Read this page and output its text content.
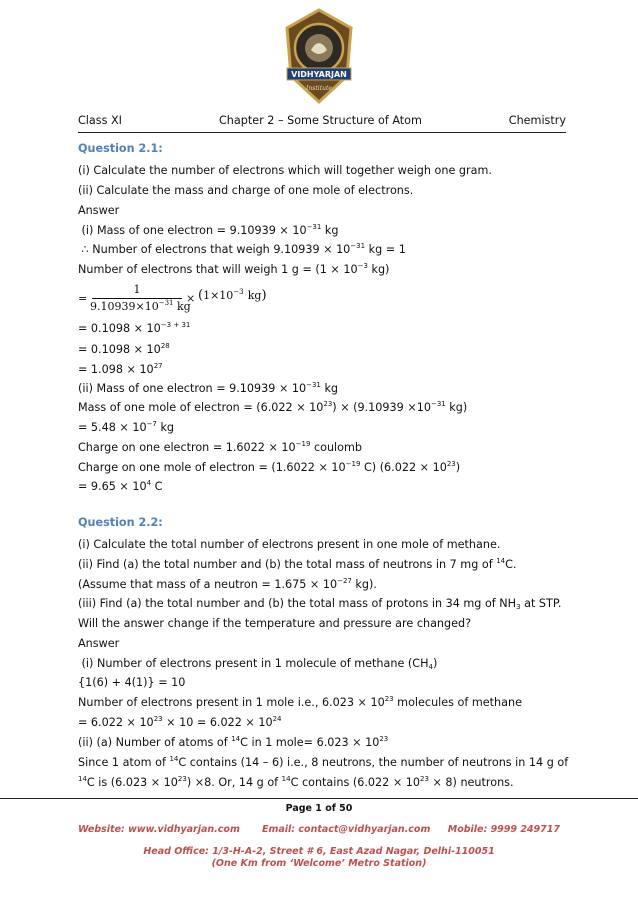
VIDHYARJAN
Institute
Class XI	Chapter 2 – Some Structure of Atom	Chemistry
Question 2.1:
(i) Calculate the number of electrons which will together weigh one gram.
(ii) Calculate the mass and charge of one mole of electrons.
Answer
(i) Mass of one electron = $9.10939 \times 10^{-31}$ kg
∴ Number of electrons that weigh $9.10939 \times 10^{-31}$ kg = 1
Number of electrons that will weigh 1 $g = (1 \times 10^{-3}$ kg)
=
1
$9.10939\times 10^{-31}$ kg
× ($1\times 10^{-3}$ kg)
= $0.1098 \times 10^{-3 + 31}$
= $0.1098 \times 10^{28}$
= $1.098 \times 10^{27}$
(ii) Mass of one electron = $9.10939 \times 10^{-31}$ kg
Mass of one mole of electron = $(6.022 \times 10^{23}) \times (9.10939 \times 10^{-31}$ kg)
= $5.48 \times 10^{-7}$ kg
Charge on one electron = $1.6022 \times 10^{-19}$ coulomb
Charge on one mole of electron = ($1.6022 \times 10^{-19}$ C) $(6.022 \times 10^{23})$
= $9.65 \times 10^4$ C
Question 2.2:
(i) Calculate the total number of electrons present in one mole of methane.
(ii) Find (a) the total number and (b) the total mass of neutrons in 7 mg of $^{14}$C.
(Assume that mass of a neutron = $1.675 \times 10^{-27}$ kg).
(iii) Find (a) the total number and (b) the total mass of protons in 34 mg of $NH_3$ at STP.
Will the answer change if the temperature and pressure are changed?
Answer
(i) Number of electrons present in 1 molecule of methane $(CH_4)$
{1(6) + 4(1)} = 10
Number of electrons present in 1 mole i.e., $6.023 \times 10^{23}$ molecules of methane
= $6.022 \times 10^{23} \times 10 = 6.022 \times 10^{24}$
(ii) (a) Number of atoms of $^{14}$C in 1 mole= $6.023 \times 10^{23}$
Since 1 atom of $^{14}$C contains (14 – 6) i.e., 8 neutrons, the number of neutrons in 14 g of
$^{14}$C is $(6.023 \times 10^{23}) \times 8$. Or, 14 g of $^{14}$C contains $(6.022 \times 10^{23} \times 8)$ neutrons.
Page 1 of 50
Website: www.vidhyarjan.com Email: contact@vidhyarjan.com Mobile: 9999 249717
Head Office: 1/3-H-A-2, Street # 6, East Azad Nagar, Delhi-110051
(One Km from ‘Welcome’ Metro Station)
